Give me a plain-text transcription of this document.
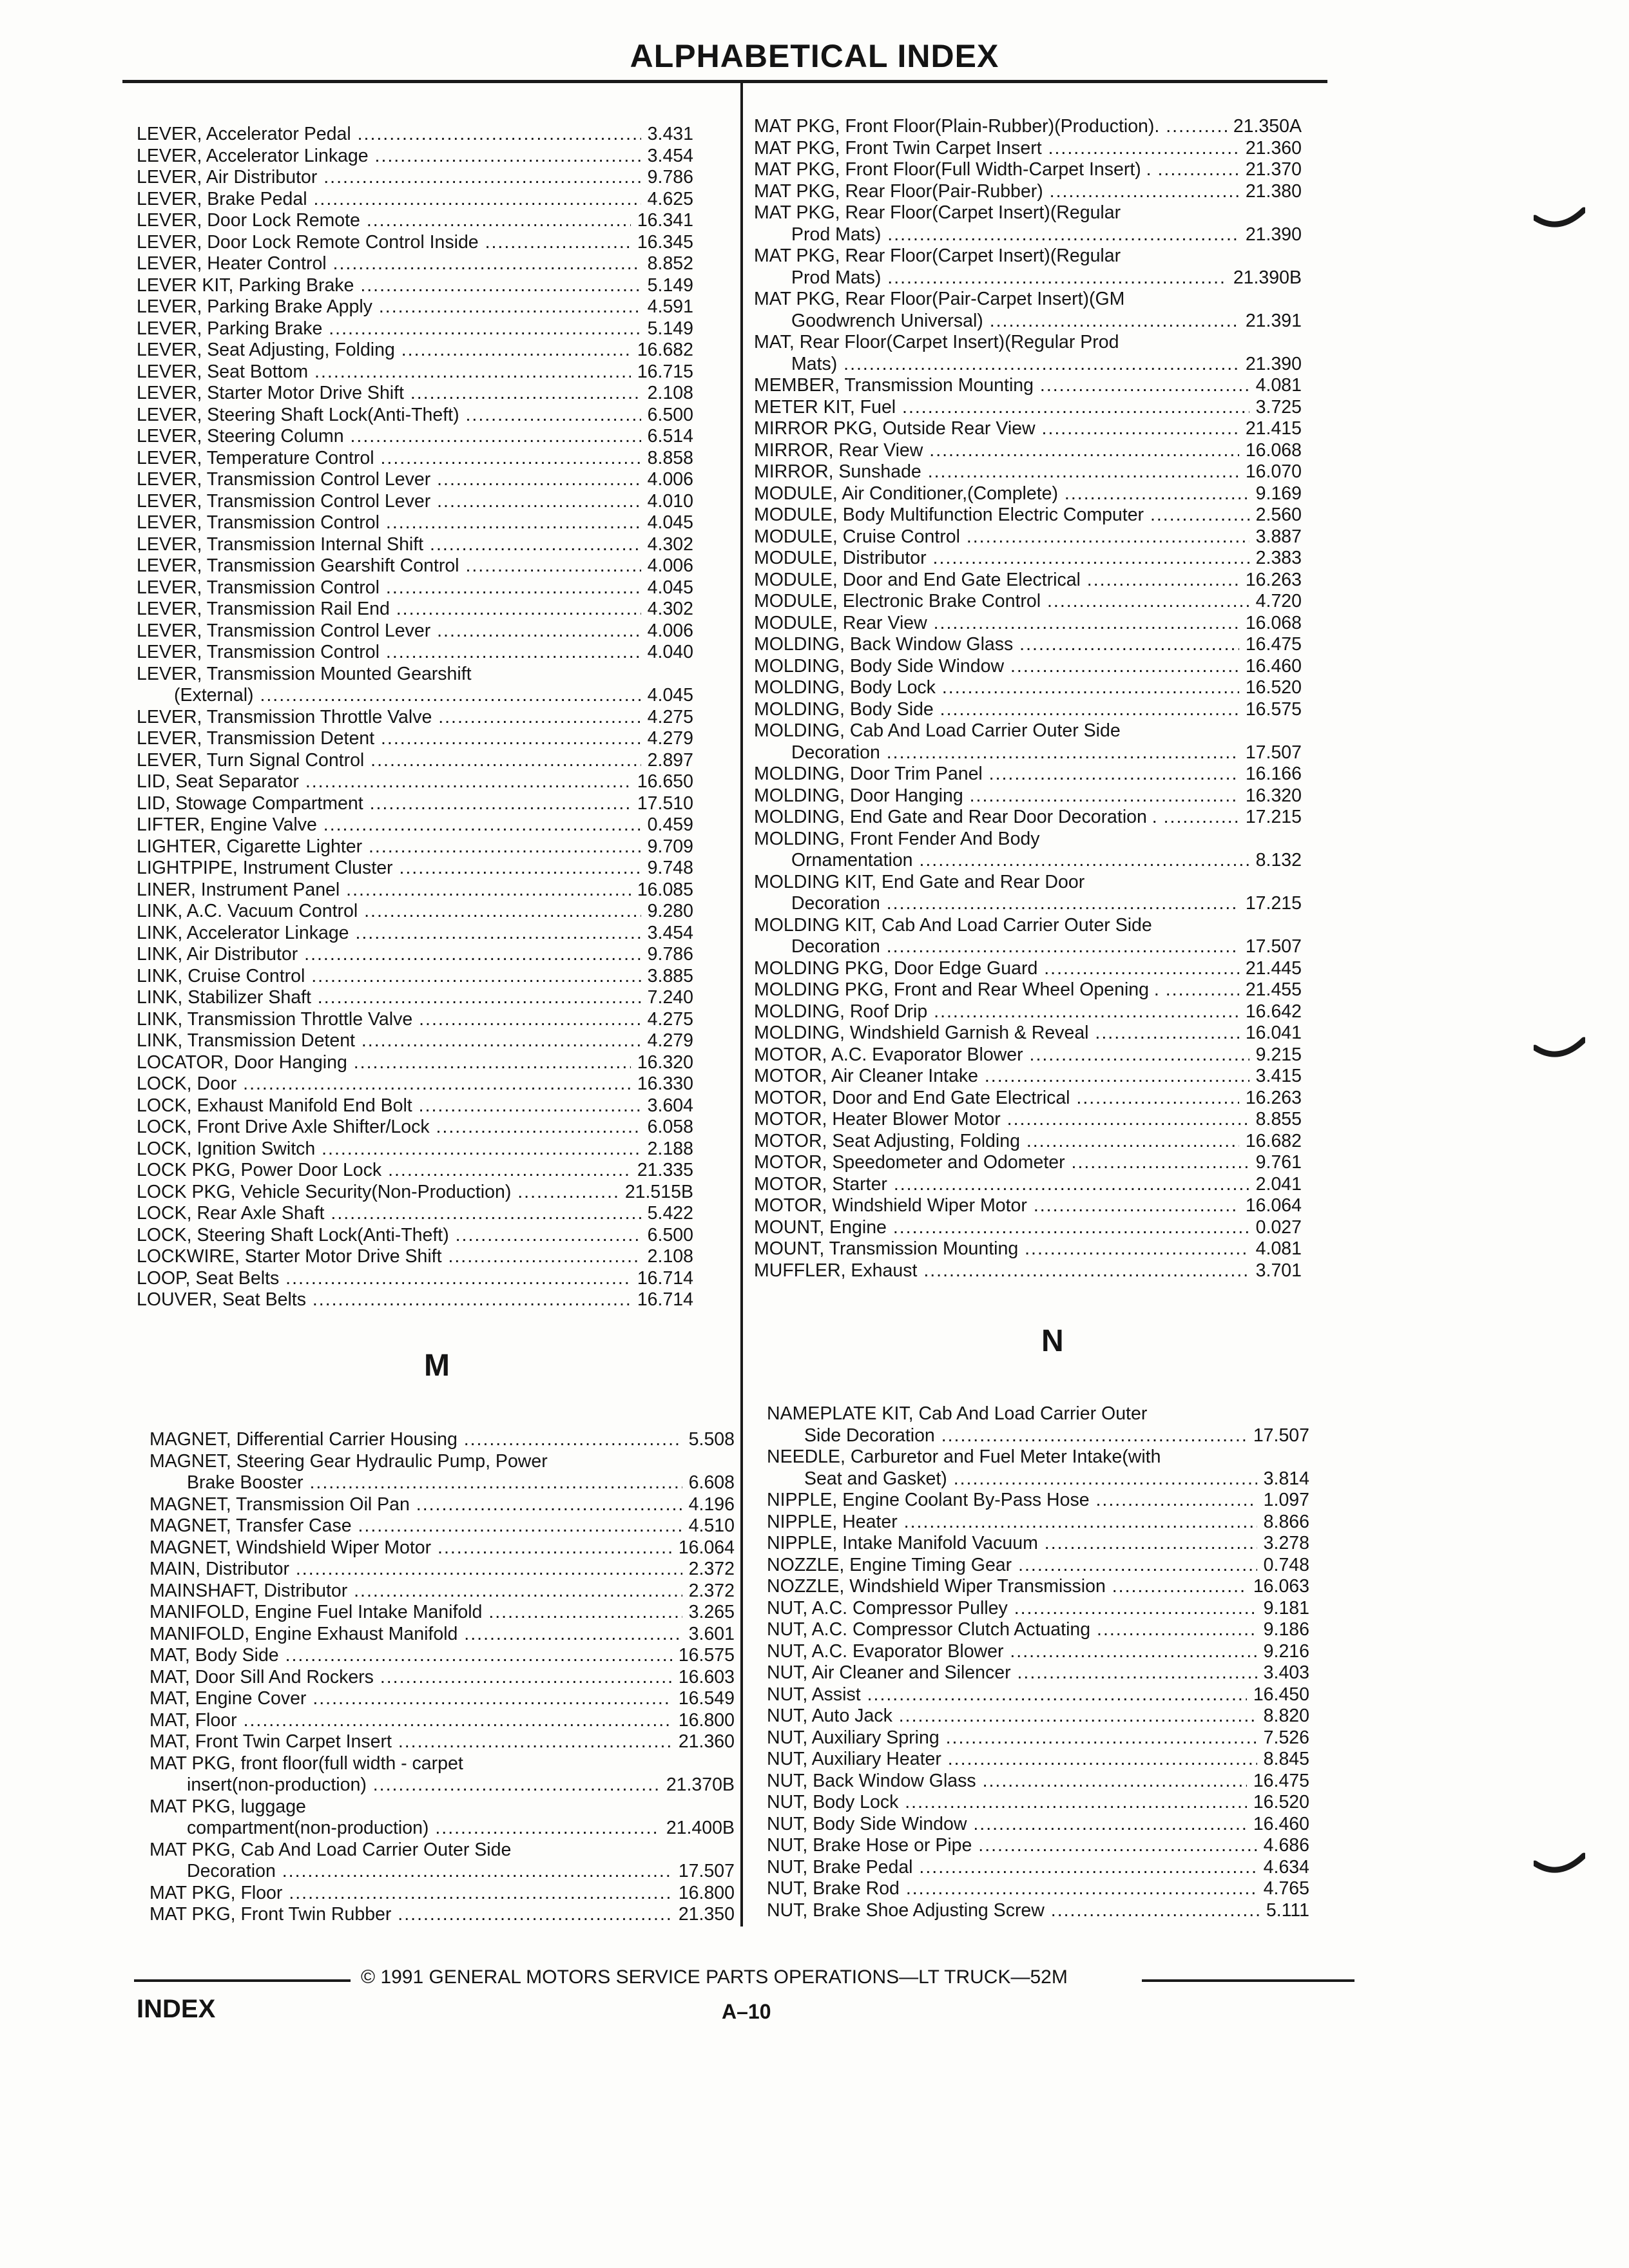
ALPHABETICAL INDEX
LEVER, Accelerator Pedal .....	3.431
LEVER, Accelerator Linkage .....	3.454
LEVER, Air Distributor .....	9.786
LEVER, Brake Pedal .....	4.625
LEVER, Door Lock Remote .....	16.341
LEVER, Door Lock Remote Control Inside .....	16.345
LEVER, Heater Control .....	8.852
LEVER KIT, Parking Brake .....	5.149
LEVER, Parking Brake Apply .....	4.591
LEVER, Parking Brake .....	5.149
LEVER, Seat Adjusting, Folding .....	16.682
LEVER, Seat Bottom .....	16.715
LEVER, Starter Motor Drive Shift .....	2.108
LEVER, Steering Shaft Lock(Anti-Theft) .....	6.500
LEVER, Steering Column .....	6.514
LEVER, Temperature Control .....	8.858
LEVER, Transmission Control Lever .....	4.006
LEVER, Transmission Control Lever .....	4.010
LEVER, Transmission Control .....	4.045
LEVER, Transmission Internal Shift .....	4.302
LEVER, Transmission Gearshift Control .....	4.006
LEVER, Transmission Control .....	4.045
LEVER, Transmission Rail End .....	4.302
LEVER, Transmission Control Lever .....	4.006
LEVER, Transmission Control .....	4.040
LEVER, Transmission Mounted Gearshift
(External) .....	4.045
LEVER, Transmission Throttle Valve .....	4.275
LEVER, Transmission Detent .....	4.279
LEVER, Turn Signal Control .....	2.897
LID, Seat Separator .....	16.650
LID, Stowage Compartment .....	17.510
LIFTER, Engine Valve .....	0.459
LIGHTER, Cigarette Lighter .....	9.709
LIGHTPIPE, Instrument Cluster .....	9.748
LINER, Instrument Panel .....	16.085
LINK, A.C. Vacuum Control .....	9.280
LINK, Accelerator Linkage .....	3.454
LINK, Air Distributor .....	9.786
LINK, Cruise Control .....	3.885
LINK, Stabilizer Shaft .....	7.240
LINK, Transmission Throttle Valve .....	4.275
LINK, Transmission Detent .....	4.279
LOCATOR, Door Hanging .....	16.320
LOCK, Door .....	16.330
LOCK, Exhaust Manifold End Bolt .....	3.604
LOCK, Front Drive Axle Shifter/Lock .....	6.058
LOCK, Ignition Switch .....	2.188
LOCK PKG, Power Door Lock .....	21.335
LOCK PKG, Vehicle Security(Non-Production) .....	21.515B
LOCK, Rear Axle Shaft .....	5.422
LOCK, Steering Shaft Lock(Anti-Theft) .....	6.500
LOCKWIRE, Starter Motor Drive Shift .....	2.108
LOOP, Seat Belts .....	16.714
LOUVER, Seat Belts .....	16.714
M
MAGNET, Differential Carrier Housing .....	5.508
MAGNET, Steering Gear Hydraulic Pump, Power
Brake Booster .....	6.608
MAGNET, Transmission Oil Pan .....	4.196
MAGNET, Transfer Case .....	4.510
MAGNET, Windshield Wiper Motor .....	16.064
MAIN, Distributor .....	2.372
MAINSHAFT, Distributor .....	2.372
MANIFOLD, Engine Fuel Intake Manifold .....	3.265
MANIFOLD, Engine Exhaust Manifold .....	3.601
MAT, Body Side .....	16.575
MAT, Door Sill And Rockers .....	16.603
MAT, Engine Cover .....	16.549
MAT, Floor .....	16.800
MAT, Front Twin Carpet Insert .....	21.360
MAT PKG, front floor(full width - carpet
insert(non-production) .....	21.370B
MAT PKG, luggage
compartment(non-production) .....	21.400B
MAT PKG, Cab And Load Carrier Outer Side
Decoration .....	17.507
MAT PKG, Floor .....	16.800
MAT PKG, Front Twin Rubber .....	21.350
MAT PKG, Front Floor(Plain-Rubber)(Production). .....	21.350A
MAT PKG, Front Twin Carpet Insert .....	21.360
MAT PKG, Front Floor(Full Width-Carpet Insert) . .....	21.370
MAT PKG, Rear Floor(Pair-Rubber) .....	21.380
MAT PKG, Rear Floor(Carpet Insert)(Regular
Prod Mats) .....	21.390
MAT PKG, Rear Floor(Carpet Insert)(Regular
Prod Mats) .....	21.390B
MAT PKG, Rear Floor(Pair-Carpet Insert)(GM
Goodwrench Universal) .....	21.391
MAT, Rear Floor(Carpet Insert)(Regular Prod
Mats) .....	21.390
MEMBER, Transmission Mounting .....	4.081
METER KIT, Fuel .....	3.725
MIRROR PKG, Outside Rear View .....	21.415
MIRROR, Rear View .....	16.068
MIRROR, Sunshade .....	16.070
MODULE, Air Conditioner,(Complete) .....	9.169
MODULE, Body Multifunction Electric Computer .....	2.560
MODULE, Cruise Control .....	3.887
MODULE, Distributor .....	2.383
MODULE, Door and End Gate Electrical .....	16.263
MODULE, Electronic Brake Control .....	4.720
MODULE, Rear View .....	16.068
MOLDING, Back Window Glass .....	16.475
MOLDING, Body Side Window .....	16.460
MOLDING, Body Lock .....	16.520
MOLDING, Body Side .....	16.575
MOLDING, Cab And Load Carrier Outer Side
Decoration .....	17.507
MOLDING, Door Trim Panel .....	16.166
MOLDING, Door Hanging .....	16.320
MOLDING, End Gate and Rear Door Decoration . .....	17.215
MOLDING, Front Fender And Body
Ornamentation .....	8.132
MOLDING KIT, End Gate and Rear Door
Decoration .....	17.215
MOLDING KIT, Cab And Load Carrier Outer Side
Decoration .....	17.507
MOLDING PKG, Door Edge Guard .....	21.445
MOLDING PKG, Front and Rear Wheel Opening . .....	21.455
MOLDING, Roof Drip .....	16.642
MOLDING, Windshield Garnish & Reveal .....	16.041
MOTOR, A.C. Evaporator Blower .....	9.215
MOTOR, Air Cleaner Intake .....	3.415
MOTOR, Door and End Gate Electrical .....	16.263
MOTOR, Heater Blower Motor .....	8.855
MOTOR, Seat Adjusting, Folding .....	16.682
MOTOR, Speedometer and Odometer .....	9.761
MOTOR, Starter .....	2.041
MOTOR, Windshield Wiper Motor .....	16.064
MOUNT, Engine .....	0.027
MOUNT, Transmission Mounting .....	4.081
MUFFLER, Exhaust .....	3.701
N
NAMEPLATE KIT, Cab And Load Carrier Outer
Side Decoration .....	17.507
NEEDLE, Carburetor and Fuel Meter Intake(with
Seat and Gasket) .....	3.814
NIPPLE, Engine Coolant By-Pass Hose .....	1.097
NIPPLE, Heater .....	8.866
NIPPLE, Intake Manifold Vacuum .....	3.278
NOZZLE, Engine Timing Gear .....	0.748
NOZZLE, Windshield Wiper Transmission .....	16.063
NUT, A.C. Compressor Pulley .....	9.181
NUT, A.C. Compressor Clutch Actuating .....	9.186
NUT, A.C. Evaporator Blower .....	9.216
NUT, Air Cleaner and Silencer .....	3.403
NUT, Assist .....	16.450
NUT, Auto Jack .....	8.820
NUT, Auxiliary Spring .....	7.526
NUT, Auxiliary Heater .....	8.845
NUT, Back Window Glass .....	16.475
NUT, Body Lock .....	16.520
NUT, Body Side Window .....	16.460
NUT, Brake Hose or Pipe .....	4.686
NUT, Brake Pedal .....	4.634
NUT, Brake Rod .....	4.765
NUT, Brake Shoe Adjusting Screw .....	5.111
© 1991 GENERAL MOTORS SERVICE PARTS OPERATIONS—LT TRUCK—52M
INDEX	A–10
